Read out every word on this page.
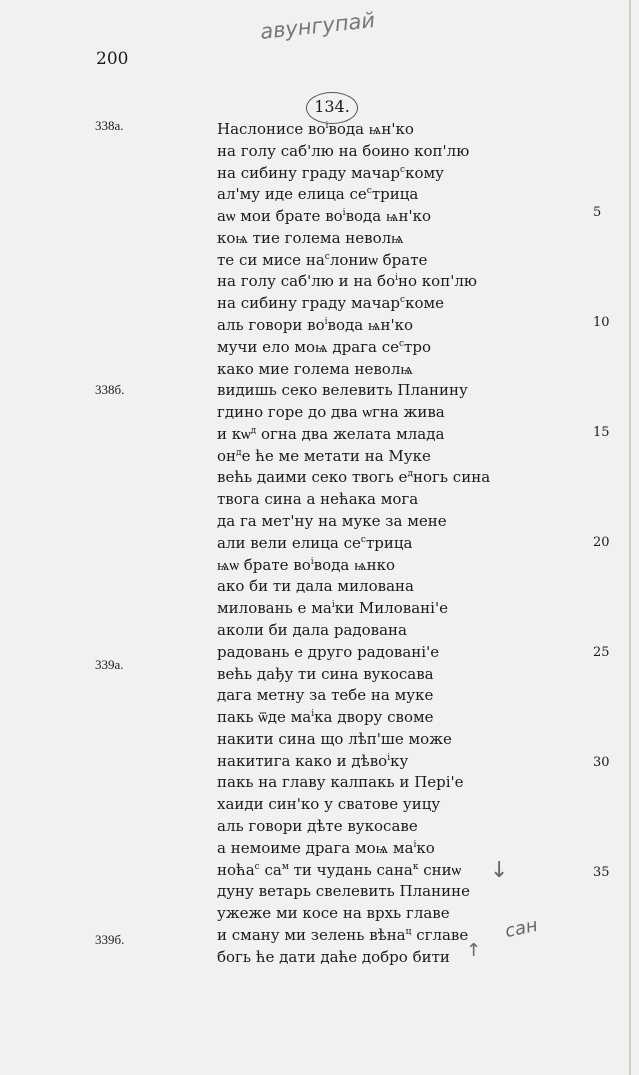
авунгупай
200
134.
338а.
338б.
339а.
339б.
Наслонисе $во^івода$ ѩн'ко
на голу саб'лю на боино коп'лю
на сибину граду мачар$^с$кому
ал'му иде елица $се^стрица$
аѡ мои брате $во^івода$ ѩн'ко
коѩ тие голема неволѩ
те си мисе $на^слониѡ$ брате
на голу саб'лю и на $бо^іно$ коп'лю
на сибину граду мачар$^с$коме
аль говори $во^івода$ ѩн'ко
мучи ело моѩ драга $се^стро$
како мие голема неволѩ
видишь секо велевить Планину
гдино горе до два ѡгна жива
и $кѡ^д$ огна два желата млада
$он^де$ ће ме метати на Муке
већь даими секо твогь $е^дногь$ сина
твога сина а нећака мога
да га мет'ну на муке за мене
али вели елица $се^стрица$
ѩѡ брате $во^івода$ ѩнко
ако би ти дала милована
миловань е $ма^іки$ Миловані'е
аколи би дала радована
радовань е друго радовані'е
већь дађу ти сина вукосава
дага метну за тебе на муке
пакь ѿде $ма^іка$ двору своме
накити сина що лѣп'ше може
накитига како и дѣво$^і$ку
пакь на главу калпакь и Пері'е
хаиди син'ко у сватове уицу
аль говори дѣте вукосаве
а немоиме драга моѩ $ма^іко$
ноћа$^с$ $са^м$ ти чудань сана$^к$ сниѡ
дуну ветарь свелевить Планине
ужеже ми косе на врхь главе
и сману ми зелень вѣна$^ц$ сглаве
богь ће дати даће добро бити
5
10
15
20
25
30
35
сан
↓
↑
